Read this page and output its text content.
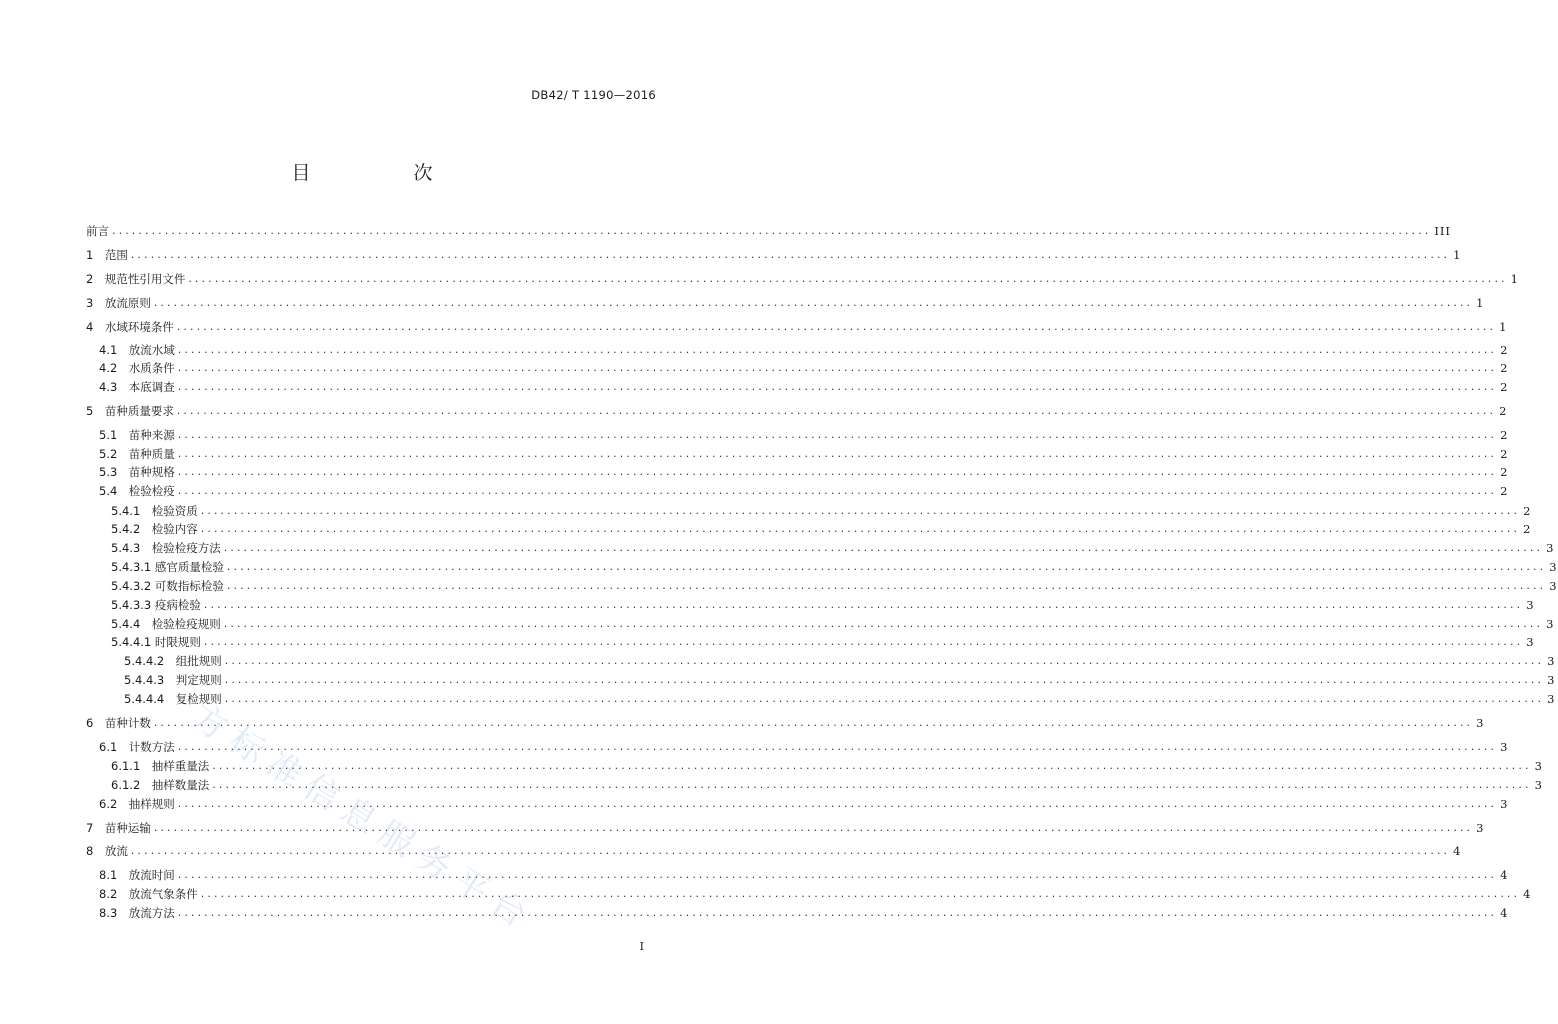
DB42/ T 1190—2016
目　次
方标准信息服务平台
前言 ........................................................................................................................................................................................................ III
1　范围 ........................................................................................................................................................................................................ 1
2　规范性引用文件 ........................................................................................................................................................................................................ 1
3　放流原则 ........................................................................................................................................................................................................ 1
4　水域环境条件 ........................................................................................................................................................................................................ 1
4.1　放流水域 ........................................................................................................................................................................................................ 2
4.2　水质条件 ........................................................................................................................................................................................................ 2
4.3　本底调查 ........................................................................................................................................................................................................ 2
5　苗种质量要求 ........................................................................................................................................................................................................ 2
5.1　苗种来源 ........................................................................................................................................................................................................ 2
5.2　苗种质量 ........................................................................................................................................................................................................ 2
5.3　苗种规格 ........................................................................................................................................................................................................ 2
5.4　检验检疫 ........................................................................................................................................................................................................ 2
5.4.1　检验资质 ........................................................................................................................................................................................................ 2
5.4.2　检验内容 ........................................................................................................................................................................................................ 2
5.4.3　检验检疫方法 ........................................................................................................................................................................................................ 3
5.4.3.1 感官质量检验 ........................................................................................................................................................................................................ 3
5.4.3.2 可数指标检验 ........................................................................................................................................................................................................ 3
5.4.3.3 疫病检验 ........................................................................................................................................................................................................ 3
5.4.4　检验检疫规则 ........................................................................................................................................................................................................ 3
5.4.4.1 时限规则 ........................................................................................................................................................................................................ 3
5.4.4.2　组批规则 ........................................................................................................................................................................................................ 3
5.4.4.3　判定规则 ........................................................................................................................................................................................................ 3
5.4.4.4　复检规则 ........................................................................................................................................................................................................ 3
6　苗种计数 ........................................................................................................................................................................................................ 3
6.1　计数方法 ........................................................................................................................................................................................................ 3
6.1.1　抽样重量法 ........................................................................................................................................................................................................ 3
6.1.2　抽样数量法 ........................................................................................................................................................................................................ 3
6.2　抽样规则 ........................................................................................................................................................................................................ 3
7　苗种运输 ........................................................................................................................................................................................................ 3
8　放流 ........................................................................................................................................................................................................ 4
8.1　放流时间 ........................................................................................................................................................................................................ 4
8.2　放流气象条件 ........................................................................................................................................................................................................ 4
8.3　放流方法 ........................................................................................................................................................................................................ 4
I
